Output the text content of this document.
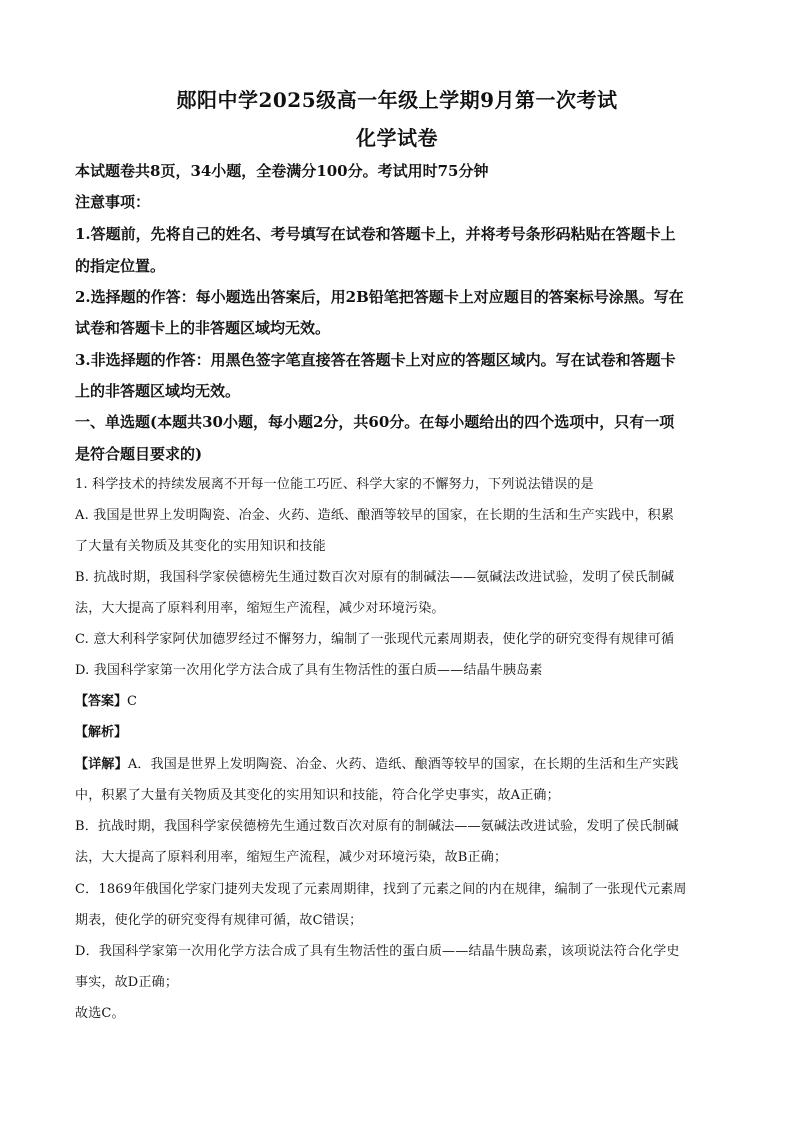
郧阳中学2025级高一年级上学期9月第一次考试
化学试卷
本试题卷共8页，34小题，全卷满分100分。考试用时75分钟
注意事项：
1.答题前，先将自己的姓名、考号填写在试卷和答题卡上，并将考号条形码粘贴在答题卡上
的指定位置。
2.选择题的作答：每小题选出答案后，用2B铅笔把答题卡上对应题目的答案标号涂黑。写在
试卷和答题卡上的非答题区域均无效。
3.非选择题的作答：用黑色签字笔直接答在答题卡上对应的答题区域内。写在试卷和答题卡
上的非答题区域均无效。
一、单选题(本题共30小题，每小题2分，共60分。在每小题给出的四个选项中，只有一项
是符合题目要求的)
1. 科学技术的持续发展离不开每一位能工巧匠、科学大家的不懈努力，下列说法错误的是
A. 我国是世界上发明陶瓷、冶金、火药、造纸、酿酒等较早的国家，在长期的生活和生产实践中，积累
了大量有关物质及其变化的实用知识和技能
B. 抗战时期，我国科学家侯德榜先生通过数百次对原有的制碱法——氨碱法改进试验，发明了侯氏制碱
法，大大提高了原料利用率，缩短生产流程，减少对环境污染。
C. 意大利科学家阿伏加德罗经过不懈努力，编制了一张现代元素周期表，使化学的研究变得有规律可循
D. 我国科学家第一次用化学方法合成了具有生物活性的蛋白质——结晶牛胰岛素
【答案】C
【解析】
【详解】A．我国是世界上发明陶瓷、冶金、火药、造纸、酿酒等较早的国家，在长期的生活和生产实践
中，积累了大量有关物质及其变化的实用知识和技能，符合化学史事实，故A正确；
B．抗战时期，我国科学家侯德榜先生通过数百次对原有的制碱法——氨碱法改进试验，发明了侯氏制碱
法，大大提高了原料利用率，缩短生产流程，减少对环境污染，故B正确；
C．1869年俄国化学家门捷列夫发现了元素周期律，找到了元素之间的内在规律，编制了一张现代元素周
期表，使化学的研究变得有规律可循，故C错误；
D．我国科学家第一次用化学方法合成了具有生物活性的蛋白质——结晶牛胰岛素，该项说法符合化学史
事实，故D正确；
故选C。
